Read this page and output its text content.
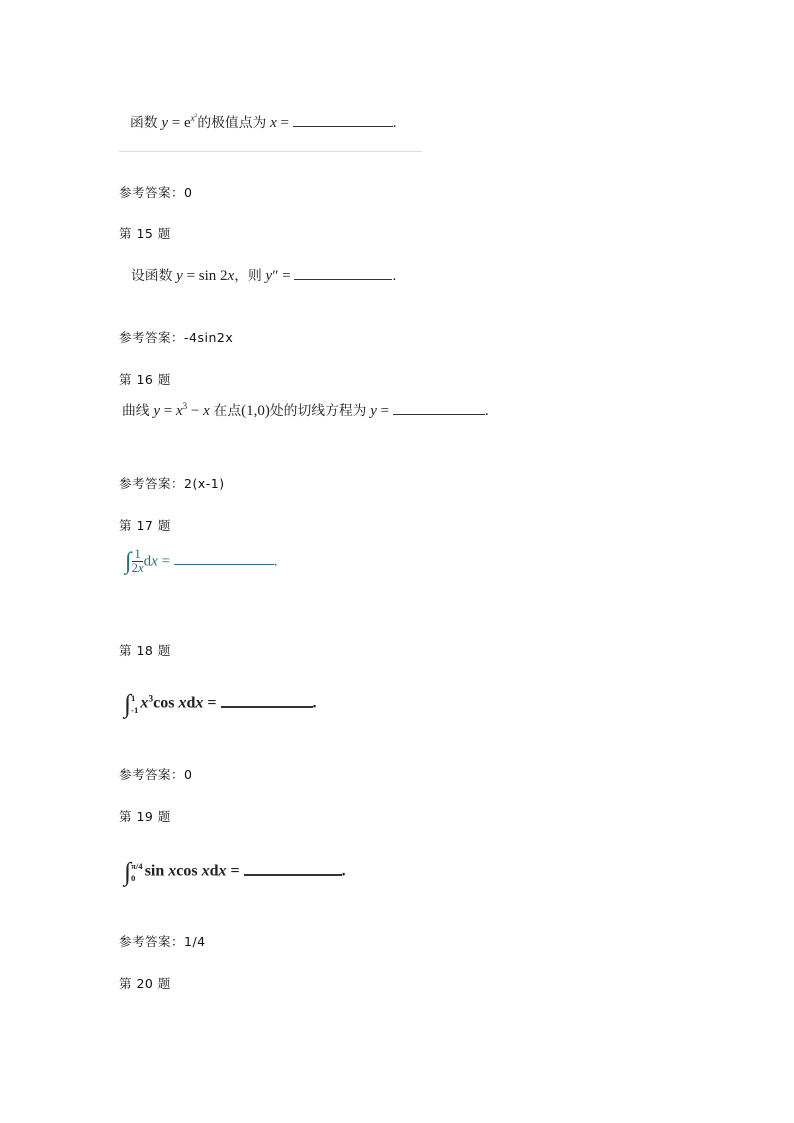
函数 $y = e^{x^2}$的极值点为 x =	.
参考答案：0
第 15 题
设函数 y = sin 2x，则 y″ =	.
参考答案：-4sin2x
第 16 题
曲线 $y = x^3 - x$ 在点(1,0)处的切线方程为 y =	.
参考答案：2(x-1)
第 17 题
∫ $\frac{1}{2x}$ dx =	.
第 18 题
∫ 1
-1 $x^3\cos$ xdx =	.
参考答案：0
第 19 题
∫ π/4
0 sin xcos xdx =	.
参考答案：1/4
第 20 题
